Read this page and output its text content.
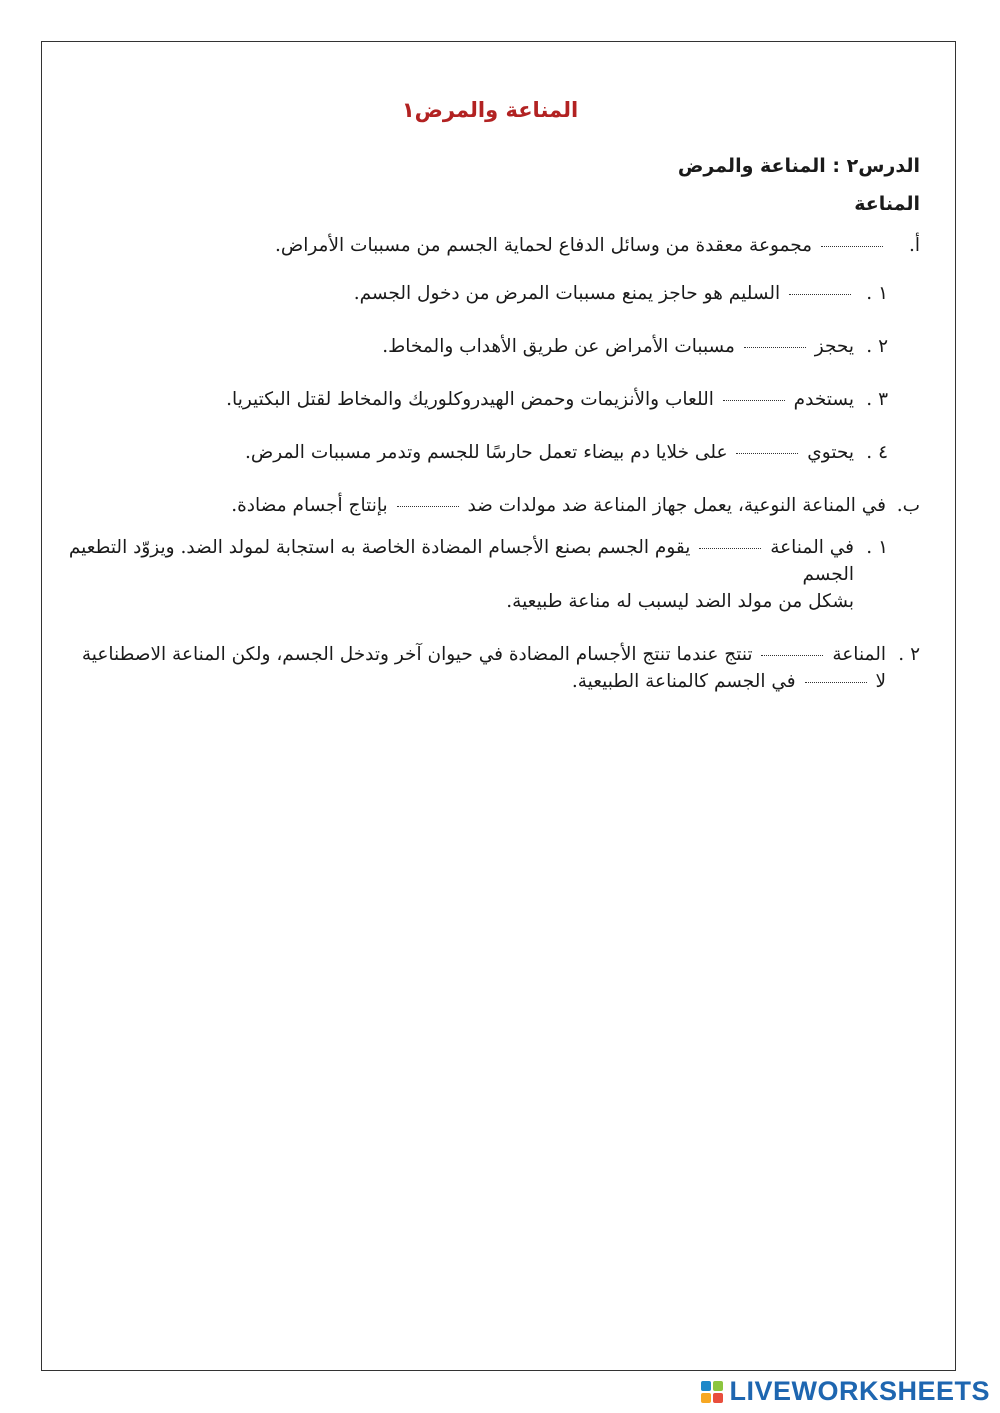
المناعة والمرض١
الدرس٢ : المناعة والمرض
المناعة
أ.
مجموعة معقدة من وسائل الدفاع لحماية الجسم من مسببات الأمراض.
١ .
السليم هو حاجز يمنع مسببات المرض من دخول الجسم.
٢ .
يحجز  مسببات الأمراض عن طريق الأهداب والمخاط.
٣ .
يستخدم  اللعاب والأنزيمات وحمض الهيدروكلوريك والمخاط لقتل البكتيريا.
٤ .
يحتوي  على خلايا دم بيضاء تعمل حارسًا للجسم وتدمر مسببات المرض.
ب.
في المناعة النوعية، يعمل جهاز المناعة ضد مولدات ضد  بإنتاج أجسام مضادة.
١ .
في المناعة  يقوم الجسم بصنع الأجسام المضادة الخاصة به استجابة لمولد الضد. ويزوّد التطعيم الجسم
بشكل من مولد الضد ليسبب له مناعة طبيعية.
٢ .
المناعة  تنتج عندما تنتج الأجسام المضادة في حيوان آخر وتدخل الجسم، ولكن المناعة الاصطناعية
لا  في الجسم كالمناعة الطبيعية.
LIVEWORKSHEETS
